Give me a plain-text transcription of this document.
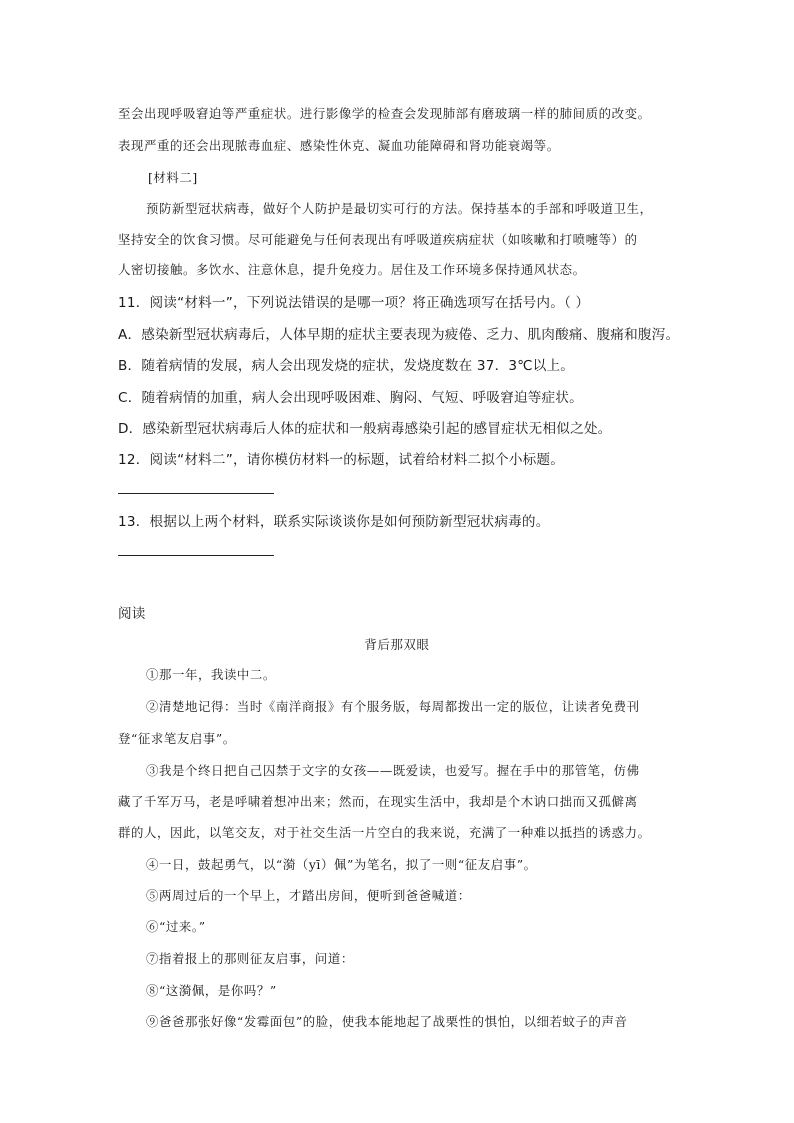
至会出现呼吸窘迫等严重症状。进行影像学的检查会发现肺部有磨玻璃一样的肺间质的改变。
表现严重的还会出现脓毒血症、感染性休克、凝血功能障碍和肾功能衰竭等。
[材料二]
预防新型冠状病毒，做好个人防护是最切实可行的方法。保持基本的手部和呼吸道卫生，
坚持安全的饮食习惯。尽可能避免与任何表现出有呼吸道疾病症状（如咳嗽和打喷嚏等）的
人密切接触。多饮水、注意休息，提升免疫力。居住及工作环境多保持通风状态。
11．阅读“材料一”，下列说法错误的是哪一项？将正确选项写在括号内。（ ）
A．感染新型冠状病毒后，人体早期的症状主要表现为疲倦、乏力、肌肉酸痛、腹痛和腹泻。
B．随着病情的发展，病人会出现发烧的症状，发烧度数在 37．3℃以上。
C．随着病情的加重，病人会出现呼吸困难、胸闷、气短、呼吸窘迫等症状。
D．感染新型冠状病毒后人体的症状和一般病毒感染引起的感冒症状无相似之处。
12．阅读“材料二”，请你模仿材料一的标题，试着给材料二拟个小标题。
13．根据以上两个材料，联系实际谈谈你是如何预防新型冠状病毒的。
阅读
背后那双眼
①那一年，我读中二。
②清楚地记得：当时《南洋商报》有个服务版，每周都拨出一定的版位，让读者免费刊
登“征求笔友启事”。
③我是个终日把自己囚禁于文字的女孩——既爱读，也爱写。握在手中的那管笔，仿佛
藏了千军万马，老是呼啸着想冲出来；然而，在现实生活中，我却是个木讷口拙而又孤僻离
群的人，因此，以笔交友，对于社交生活一片空白的我来说，充满了一种难以抵挡的诱惑力。
④一日，鼓起勇气，以“漪（yī）佩”为笔名，拟了一则“征友启事”。
⑤两周过后的一个早上，才踏出房间，便听到爸爸喊道：
⑥“过来。”
⑦指着报上的那则征友启事，问道：
⑧“这漪佩，是你吗？”
⑨爸爸那张好像“发霉面包”的脸，使我本能地起了战栗性的惧怕，以细若蚊子的声音
